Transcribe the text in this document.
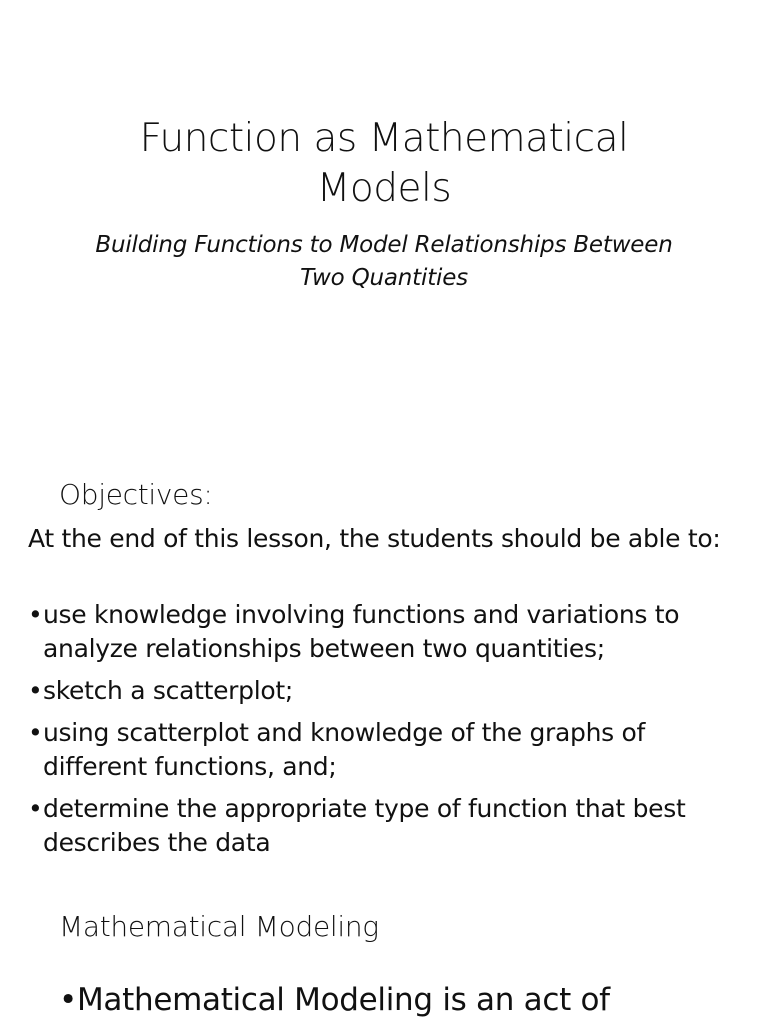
Function as Mathematical Models

Building Functions to Model Relationships Between Two Quantities

Objectives:

At the end of this lesson, the students should be able to:

• use knowledge involving functions and variations to analyze relationships between two quantities;
• sketch a scatterplot;
• using scatterplot and knowledge of the graphs of different functions, and;
• determine the appropriate type of function that best describes the data
Mathematical Modeling

•Mathematical Modeling is an act of
